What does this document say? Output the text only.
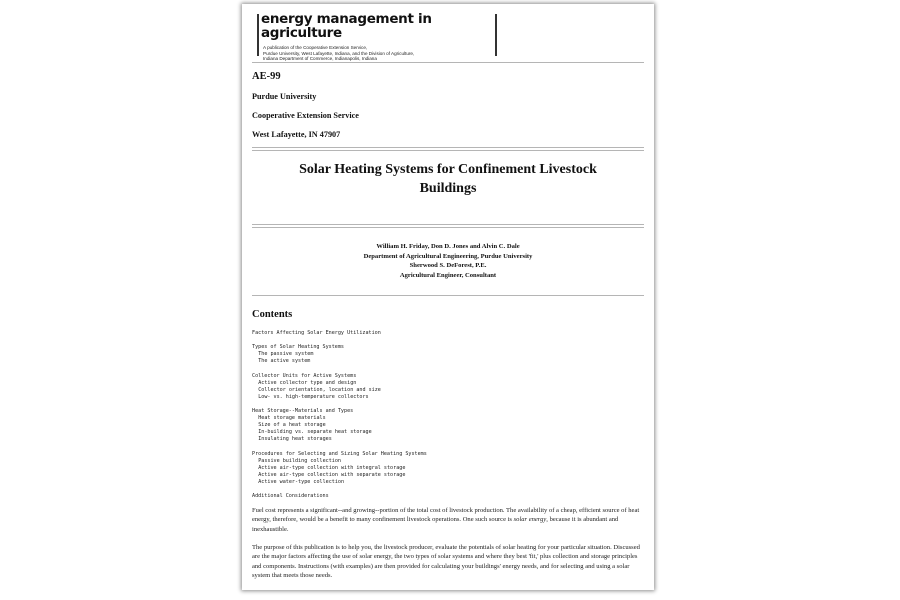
energy management in agriculture
A publication of the Cooperative Extension Service,
Purdue University, West Lafayette, Indiana, and the Division of Agriculture,
Indiana Department of Commerce, Indianapolis, Indiana
AE-99
Purdue University
Cooperative Extension Service
West Lafayette, IN 47907
Solar Heating Systems for Confinement Livestock
Buildings
William H. Friday, Don D. Jones and Alvin C. Dale
Department of Agricultural Engineering, Purdue University
Sherwood S. DeForest, P.E.
Agricultural Engineer, Consultant
Contents
Factors Affecting Solar Energy Utilization
Types of Solar Heating Systems
The passive system
The active system
Collector Units for Active Systems
Active collector type and design
Collector orientation, location and size
Low- vs. high-temperature collectors
Heat Storage--Materials and Types
Heat storage materials
Size of a heat storage
In-building vs. separate heat storage
Insulating heat storages
Procedures for Selecting and Sizing Solar Heating Systems
Passive building collection
Active air-type collection with integral storage
Active air-type collection with separate storage
Active water-type collection
Additional Considerations
Fuel cost represents a significant--and growing--portion of the total cost of livestock production. The availability of a cheap, efficient source of heat energy, therefore, would be a benefit to many confinement livestock operations. One such source is solar energy, because it is abundant and inexhaustible.
The purpose of this publication is to help you, the livestock producer, evaluate the potentials of solar heating for your particular situation. Discussed are the major factors affecting the use of solar energy, the two types of solar systems and where they best 'fit,' plus collection and storage principles and components. Instructions (with examples) are then provided for calculating your buildings' energy needs, and for selecting and using a solar system that meets those needs.
